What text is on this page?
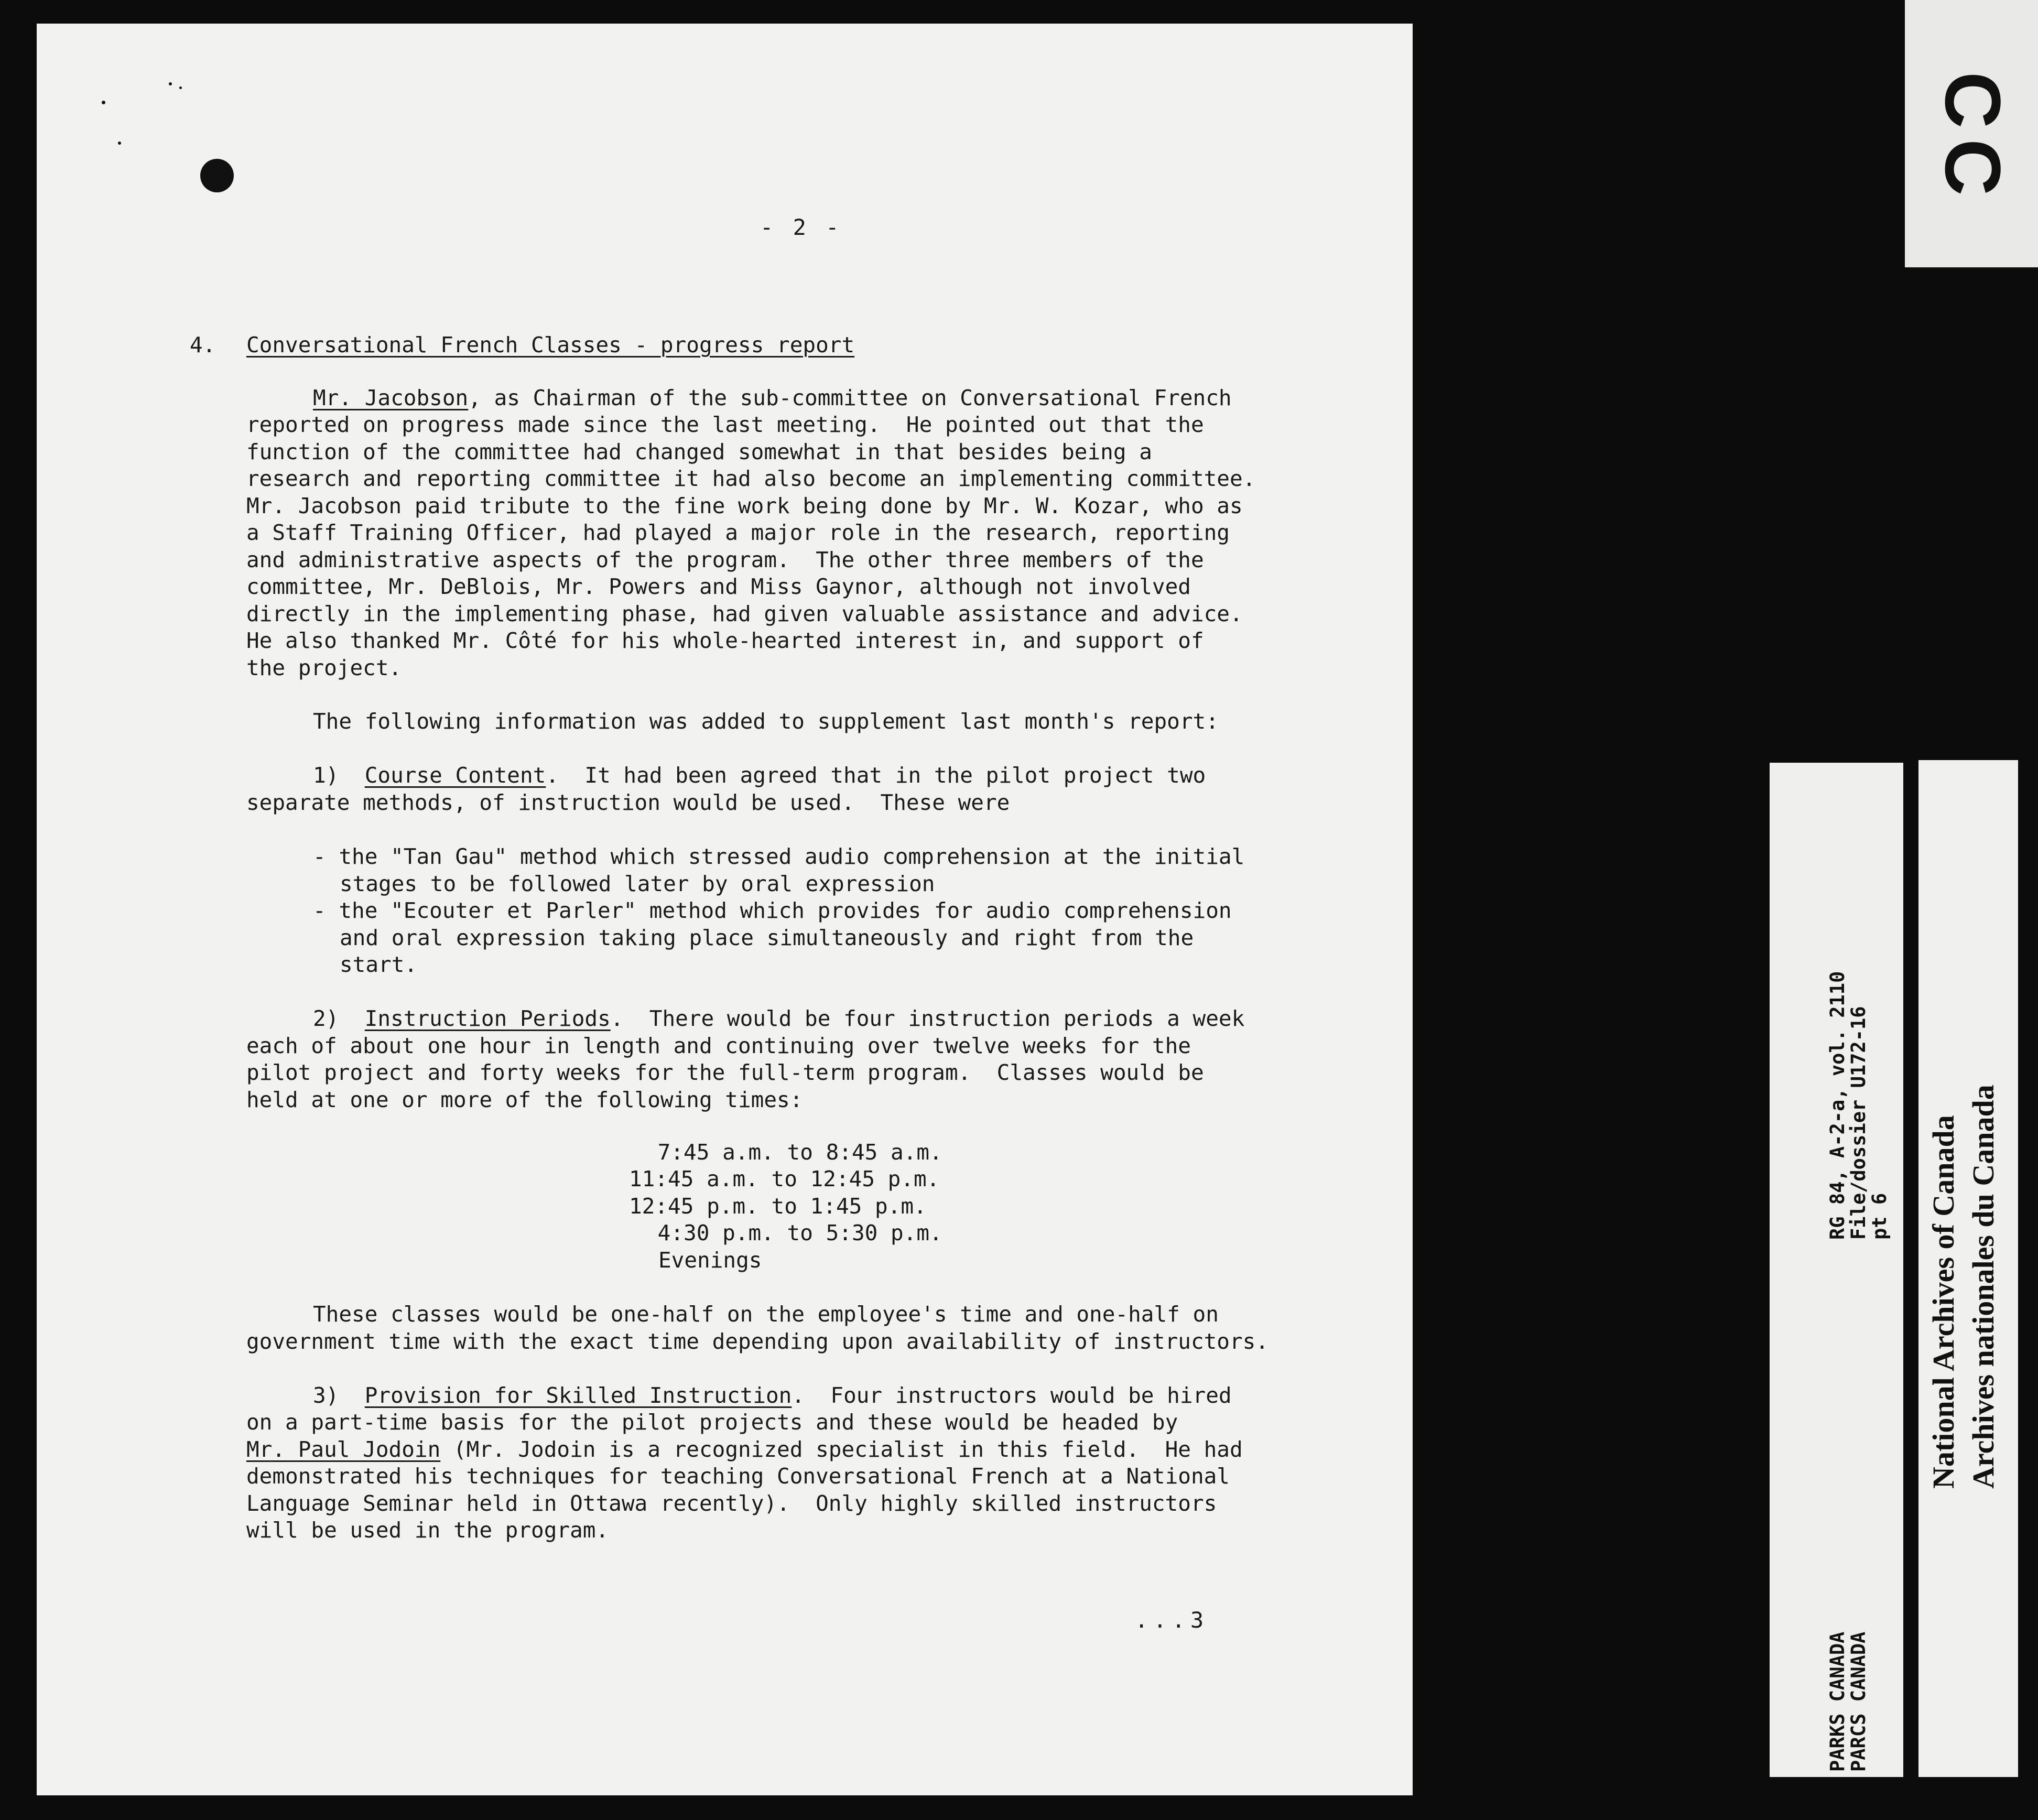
- 2 -
4. Conversational French Classes - progress report
Mr. Jacobson, as Chairman of the sub-committee on Conversational French
reported on progress made since the last meeting.  He pointed out that the
function of the committee had changed somewhat in that besides being a
research and reporting committee it had also become an implementing committee.
Mr. Jacobson paid tribute to the fine work being done by Mr. W. Kozar, who as
a Staff Training Officer, had played a major role in the research, reporting
and administrative aspects of the program.  The other three members of the
committee, Mr. DeBlois, Mr. Powers and Miss Gaynor, although not involved
directly in the implementing phase, had given valuable assistance and advice.
He also thanked Mr. Côté for his whole-hearted interest in, and support of
the project.
The following information was added to supplement last month's report:
1) Course Content.  It had been agreed that in the pilot project two
separate methods, of instruction would be used.  These were
- the "Tan Gau" method which stressed audio comprehension at the initial
stages to be followed later by oral expression
- the "Ecouter et Parler" method which provides for audio comprehension
and oral expression taking place simultaneously and right from the
start.
2) Instruction Periods.  There would be four instruction periods a week
each of about one hour in length and continuing over twelve weeks for the
pilot project and forty weeks for the full-term program.  Classes would be
held at one or more of the following times:
7:45 a.m. to 8:45 a.m.
11:45 a.m. to 12:45 p.m.
12:45 p.m. to 1:45 p.m.
4:30 p.m. to 5:30 p.m.
Evenings
These classes would be one-half on the employee's time and one-half on
government time with the exact time depending upon availability of instructors.
3) Provision for Skilled Instruction.  Four instructors would be hired
on a part-time basis for the pilot projects and these would be headed by
Mr. Paul Jodoin (Mr. Jodoin is a recognized specialist in this field.  He had
demonstrated his techniques for teaching Conversational French at a National
Language Seminar held in Ottawa recently).  Only highly skilled instructors
will be used in the program.
...3
CC
RG 84, A-2-a, vol. 2110
File/dossier U172-16
pt 6
PARKS CANADA
PARCS CANADA
National Archives of Canada Archives nationales du Canada
